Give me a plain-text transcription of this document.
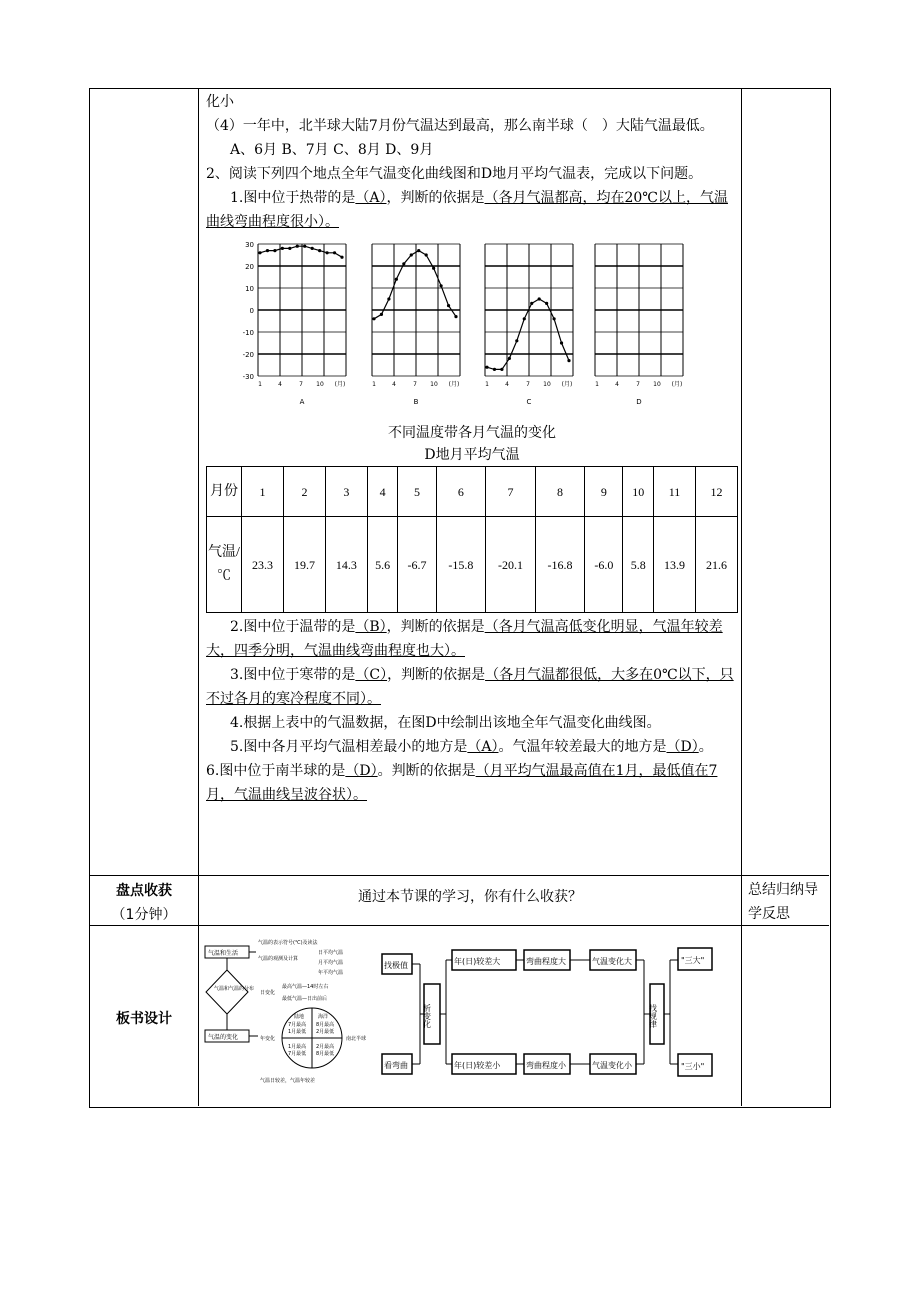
化小

（4）一年中，北半球大陆7月份气温达到最高，那么南半球（　）大陆气温最低。

A、6月 B、7月 C、8月 D、9月

2、阅读下列四个地点全年气温变化曲线图和D地月平均气温表，完成以下问题。

1.图中位于热带的是（A），判断的依据是（各月气温都高，均在20℃以上，气温曲线弯曲程度很小）。

30
20
10
0
-10
-20
-30
1	4	7 10 (月)
A
1	4	7 10 (月)
B
1	4	7 10 (月)
C
1	4	7 10 (月)
D

不同温度带各月气温的变化

D地月平均气温

月份	1	2	3	4	5	6	7	8	9	10	11	12
气温/℃	23.3	19.7	14.3	5.6	-6.7	-15.8	-20.1	-16.8	-6.0	5.8	13.9	21.6

2.图中位于温带的是（B），判断的依据是（各月气温高低变化明显，气温年较差大，四季分明，气温曲线弯曲程度也大）。

3.图中位于寒带的是（C），判断的依据是（各月气温都很低，大多在0℃以下，只不过各月的寒冷程度不同）。

4.根据上表中的气温数据，在图D中绘制出该地全年气温变化曲线图。

5.图中各月平均气温相差最小的地方是（A）。气温年较差最大的地方是（D）。

6.图中位于南半球的是（D）。判断的依据是（月平均气温最高值在1月，最低值在7月，气温曲线呈波谷状）。

盘点收获
（1分钟）
通过本节课的学习，你有什么收获？	总结归纳导学反思
板书设计
气温和生活
气温和气温的分布
气温的变化
气温的表示符号(℃)及读法
气温的观测及计算
日平均气温
月平均气温
年平均气温
日变化
最高气温—14时左右
最低气温—日出前后
年变化
陆地	海洋
7月最高
1月最低
8月最高
2月最低
1月最高
7月最低
2月最高
8月最低
南北半球
气温日较差，气温年较差
找极值
看弯曲
析变化
年(日)较差大	弯曲程度大	气温变化大
年(日)较差小	弯曲程度小	气温变化小
找规律
"三大"
"三小"
